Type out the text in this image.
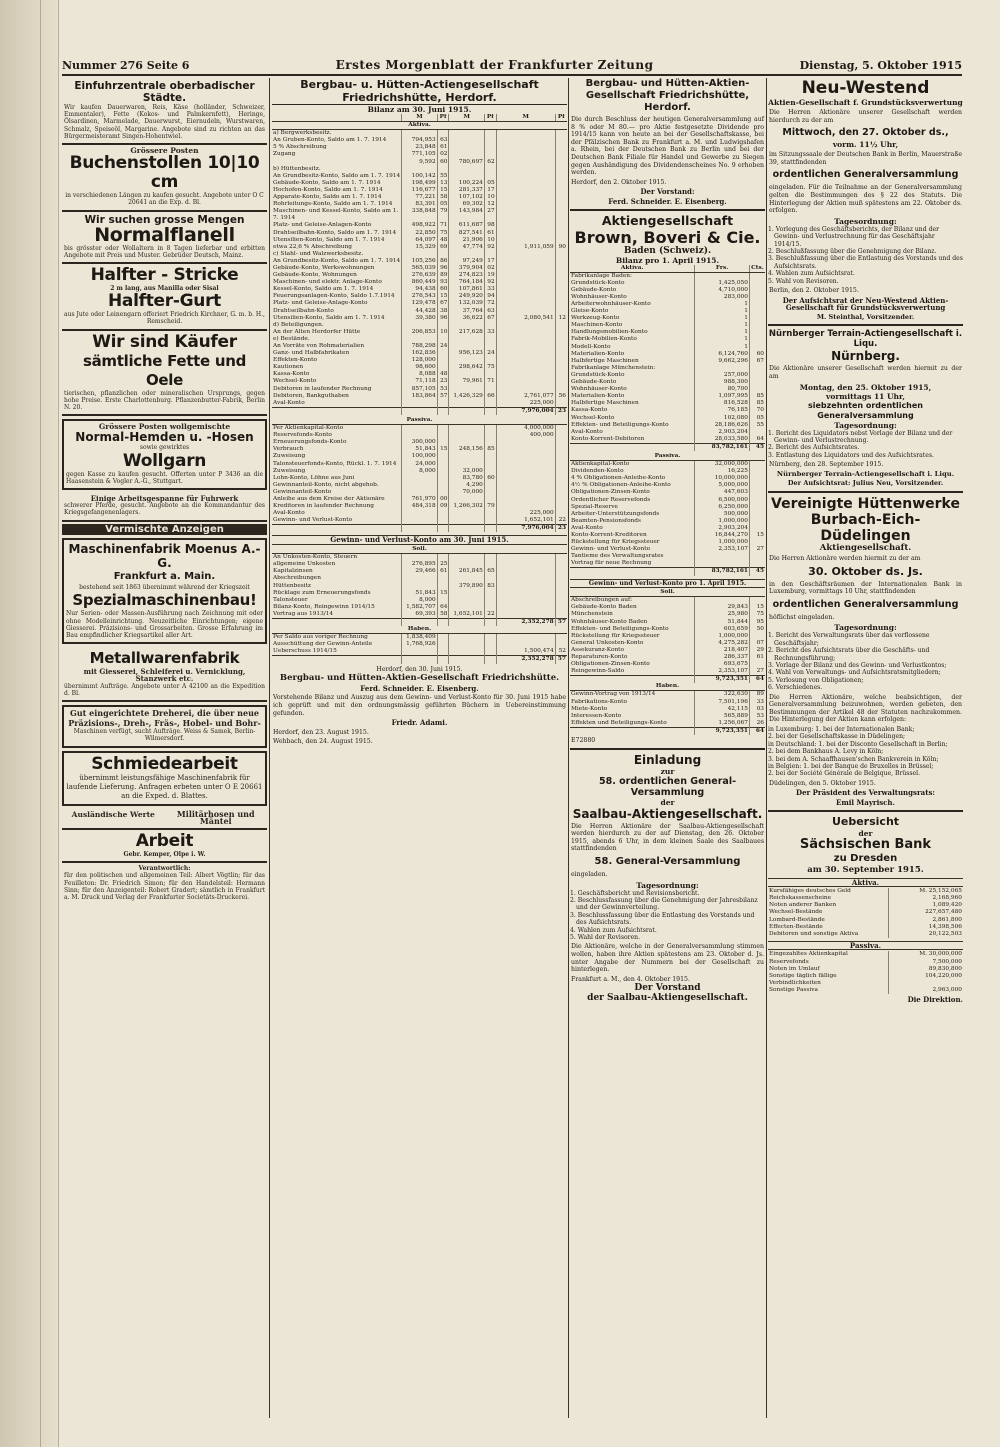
Nummer 276 Seite 6	Erstes Morgenblatt der Frankfurter Zeitung	Dienstag, 5. Oktober 1915
Einfuhrzentrale oberbadischer Städte.
Wir kaufen Dauerwaren, Reis, Käse (holländer, Schweizer, Emmentaler), Fette (Kokos- und Palmkernfett), Heringe, Ölsardinen, Marmelade, Dauerwurst, Eiernudeln, Wurstwaren, Schmalz, Speiseöl, Margarine. Angebote sind zu richten an das Bürgermeisteramt Singen-Hohentwiel.
Grössere Posten
Buchenstollen 10|10 cm
in verschiedenen Längen zu kaufen gesucht. Angebote unter O C 20641 an die Exp. d. Bl.
Wir suchen grosse Mengen
Normalflanell
bis grösster oder Wollaltern in 8 Tagen lieferbar und erbitten Angebote mit Preis und Muster. Gebrüder Deutsch, Mainz.
Halfter - Stricke
2 m lang, aus Manilla oder Sisal
Halfter-Gurt
aus Jute oder Leinengarn offeriert Friedrich Kirchner, G. m. b. H., Remscheid.
Wir sind Käufer
sämtliche Fette und Oele
tierischen, pflanzlichen oder mineralischen Ursprungs, gegen hohe Preise. Erste Charlottenburg. Pflanzenbutter-Fabrik, Berlin N. 20.
Grössere Posten wollgemischte
Normal-Hemden u. -Hosen
sowie gewirktes
Wollgarn
gegen Kasse zu kaufen gesucht. Offerten unter P 3436 an die Haasenstein & Vogler A.-G., Stuttgart.
Einige Arbeitsgespanne für Fuhrwerk
schwerer Pferde, gesucht. Angebote an die Kommandantur des Kriegsgefangenenlagers.
Vermischte Anzeigen
Maschinenfabrik Moenus A.-G.
Frankfurt a. Main.
bestehend seit 1863 übernimmt während der Kriegszeit
Spezialmaschinenbau!
Nur Serien- oder Massen-Ausführung nach Zeichnung mit oder ohne Modelleinrichtung. Neuzeitliche Einrichtungen; eigene Giesserei. Präzisions- und Grossarbeiten. Grosse Erfahrung im Bau empfindlicher Kriegsartikel aller Art.
Metallwarenfabrik
mit Giesserei, Schleiferei u. Vernicklung, Stanzwerk etc.
übernimmt Aufträge. Angebote unter A 42100 an die Expedition d. Bl.
Gut eingerichtete Dreherei, die über neue Präzisions-, Dreh-, Fräs-, Hobel- und Bohr-
Maschinen verfügt, sucht Aufträge. Weiss & Samek, Berlin-Wilmersdorf.
Schmiedearbeit
übernimmt leistungsfähige Maschinenfabrik für laufende Lieferung. Anfragen erbeten unter O E 20661 an die Exped. d. Blattes.
Ausländische Werte	Militärhosen und Mäntel
Arbeit
Gebr. Kemper, Olpe i. W.
Verantwortlich:
für den politischen und allgemeinen Teil: Albert Vögtlin; für das Feuilleton: Dr. Friedrich Simon; für den Handelsteil: Hermann Sinn; für den Anzeigenteil: Robert Gradert; sämtlich in Frankfurt a. M. Druck und Verlag der Frankfurter Societäts-Druckerei.
Bergbau- u. Hütten-Actiengesellschaft Friedrichshütte, Herdorf.
Bilanz am 30. Juni 1915.
	M	Pf	M	Pf	M	Pf
Aktiva.						
a) Bergwerksbesitz.						
An Gruben-Konto, Saldo am 1. 7. 1914	794,953	63				
5 % Abschreibung	23,848	61				
Zugang	771,105	02				
	9,592	60	780,697	62		
b) Hüttenbesitz.						
An Grundbesitz-Konto, Saldo am 1. 7. 1914	100,142	55				
Gebäude-Konto, Saldo am 1. 7. 1914	198,499	13	100,224	05		
Hochofen-Konto, Saldo am 1. 7. 1914	116,677	15	281,337	17		
Apparate-Konto, Saldo am 1. 7. 1914	77,221	58	107,102	10		
Rohrleitungs-Konto, Saldo am 1. 7. 1914	83,391	05	69,302	12		
Maschinen- und Kessel-Konto, Saldo am 1. 7. 1914	338,848	79	143,984	27		
Platz- und Geleise-Anlagen-Konto	498,922	71	611,687	98		
Drahtseilbahn-Konto, Saldo am 1. 7. 1914	22,850	75	827,541	61		
Utensilien-Konto, Saldo am 1. 7. 1914	64,097	48	21,906	10		
etwa 22,6 % Abschreibung	15,329	69	47,774	92	1,911,059	90
c) Stahl- und Walzwerksbesitz.						
An Grundbesitz-Konto, Saldo am 1. 7. 1914	105,256	86	97,249	17		
Gebäude-Konto, Werkswohnungen	565,039	96	379,904	02		
Gebäude-Konto, Wohnungen	276,639	89	274,823	19		
Maschinen- und elektr. Anlage-Konto	860,449	93	764,184	92		
Kessel-Konto, Saldo am 1. 7. 1914	94,438	60	107,861	33		
Feuerungsanlagen-Konto, Saldo 1.7.1914	276,543	15	249,920	94		
Platz- und Geleise-Anlage-Konto	129,478	67	132,039	72		
Drahtseilbahn-Konto	44,428	38	37,764	63		
Utensilien-Konto, Saldo am 1. 7. 1914	39,380	96	36,622	67	2,080,541	12
d) Beteiligungen.						
An der Alten Herdorfer Hütte	206,853	10	217,628	33		
e) Bestände.						
An Vorräte von Rohmaterialien	788,298	24				
Ganz- und Halbfabrikaten	162,836		956,123	24		
Effekten-Konto	128,000					
Kautionen	98,600		298,642	75		
Kassa-Konto	8,088	48				
Wechsel-Konto	71,118	23	79,961	71		
Debitoren in laufender Rechnung	857,105	53				
Debitoren, Bankguthaben	183,864	57	1,426,329	66	2,761,077	56
Aval-Konto					225,000	
					7,976,004	23
Passiva.						
Per Aktienkapital-Konto					4,000,000	
Reservefonds-Konto					400,000	
Erneuerungsfonds-Konto	300,000					
Verbrauch	51,843	15	248,156	85		
Zuweisung	100,000					
Talonsteuerfonds-Konto, Rückl. 1. 7. 1914	24,000					
Zuweisung	8,000		32,000			
Lohn-Konto, Löhne aus Juni			83,780	60		
Gewinnanteil-Konto, nicht abgehob.			4,290			
Gewinnanteil-Konto			70,000			
Anleihe aus dem Kreise der Aktionäre	761,970	00				
Kreditoren in laufender Rechnung	484,318	09	1,266,302	79		
Aval-Konto					225,000	
Gewinn- und Verlust-Konto					1,652,101	22
					7,976,004	23
Gewinn- und Verlust-Konto am 30. Juni 1915.
Soll.						
An Unkosten-Konto, Steuern						
allgemeine Unkosten	276,895	25				
Kapitalzinsen	29,466	61	261,845	65		
Abschreibungen						
Hüttenbesitz			379,890	83		
Rücklage zum Erneuerungsfonds	51,843	15				
Talonsteuer	8,000					
Bilanz-Konto, Reingewinn 1914/15	1,582,707	64				
Vortrag aus 1913/14	69,393	58	1,652,101	22		
					2,352,278	57
Haben.						
Per Saldo aus voriger Rechnung	1,838,409					
Ausschüttung der Gewinn-Anteile	1,768,926					
Ueberschuss 1914/15					1,500,474	52
					2,352,278	57
Herdorf, den 30. Juni 1915.
Bergbau- und Hütten-Aktien-Gesellschaft Friedrichshütte.
Ferd. Schneider. E. Eisenberg.
Vorstehende Bilanz und Auszug aus dem Gewinn- und Verlust-Konto für 30. Juni 1915 habe ich geprüft und mit den ordnungsmässig geführten Büchern in Uebereinstimmung gefunden.
Friedr. Adami.
Herdorf, den 23. August 1915.
Wehbach, den 24. August 1915.
Bergbau- und Hütten-Aktien-Gesellschaft Friedrichshütte, Herdorf.
Die durch Beschluss der heutigen Generalversammlung auf 8 % oder M 80.— pro Aktie festgesetzte Dividende pro 1914/15 kann von heute an bei der Gesellschaftskasse, bei der Pfälzischen Bank zu Frankfurt a. M. und Ludwigshafen a. Rhein, bei der Deutschen Bank zu Berlin und bei der Deutschen Bank Filiale für Handel und Gewerbe zu Siegen gegen Aushändigung des Dividendenscheines No. 9 erhoben werden.
Herdorf, den 2. Oktober 1915.
Der Vorstand:
Ferd. Schneider. E. Eisenberg.
Aktiengesellschaft
Brown, Boveri & Cie.
Baden (Schweiz).
Bilanz pro 1. April 1915.
Aktiva.	Frs.	Cts.
Fabrikanlage Baden:		
Grundstück-Konto	1,425,050	
Gebäude-Konto	4,710,000	
Wohnhäuser-Konto	283,000	
Arbeiterwohnhäuser-Konto	1	
Gleise-Konto	1	
Werkzeug-Konto	1	
Maschinen-Konto	1	
Handlungsmobilien-Konto	1	
Fabrik-Mobilien-Konto	1	
Modell-Konto	1	
Materialien-Konto	6,124,760	60
Halbfertige Maschinen	9,662,296	67
Fabrikanlage Münchenstein:		
Grundstück-Konto	257,000	
Gebäude-Konto	988,300	
Wohnhäuser-Konto	80,700	
Materialien-Konto	1,097,995	85
Halbfertige Maschinen	816,528	85
Kassa-Konto	76,185	70
Wechsel-Konto	102,080	05
Effekten- und Beteiligungs-Konto	28,186,626	55
Aval-Konto	2,903,204	
Konto-Korrent-Debitoren	28,033,580	64
	83,782,161	45
Passiva.		
Aktienkapital-Konto	32,000,000	
Dividenden-Konto	16,225	
4 % Obligationen-Anleihe-Konto	10,000,000	
4½ % Obligationen-Anleihe-Konto	5,000,000	
Obligationen-Zinsen-Konto	447,603	
Ordentlicher Reservefonds	6,500,000	
Spezial-Reserve	6,250,000	
Arbeiter-Unterstützungsfonds	500,000	
Beamten-Pensionsfonds	1,000,000	
Aval-Konto	2,903,204	
Konto-Korrent-Kreditoren	16,844,270	15
Rückstellung für Kriegssteuer	1,000,000	
Gewinn- und Verlust-Konto	2,353,107	27
Tantieme des Verwaltungsrates		
Vortrag für neue Rechnung		
	83,782,161	45
Gewinn- und Verlust-Konto pro 1. April 1915.
Soll.		
Abschreibungen auf:		
Gebäude-Konto Baden	29,843	15
Münchenstein	25,980	75
Wohnhäuser-Konto Baden	51,844	95
Effekten- und Beteiligungs-Konto	603,659	50
Rückstellung für Kriegssteuer	1,000,000	
General Unkosten-Konto	4,275,282	07
Assekuranz-Konto	218,407	29
Reparaturen-Konto	286,337	61
Obligationen-Zinsen-Konto	693,675	
Reingewinn-Saldo	2,353,107	27
	9,723,351	64
Haben.		
Gewinn-Vortrag von 1913/14	322,630	89
Fabrikations-Konto	7,501,196	33
Miete-Konto	42,115	03
Interessen-Konto	565,889	53
Effekten und Beteiligungs-Konto	1,256,067	26
	9,723,351	64
E72880
Einladung
zur
58. ordentlichen General-Versammlung
der
Saalbau-Aktiengesellschaft.
Die Herren Aktionäre der Saalbau-Aktiengesellschaft werden hierdurch zu der auf Dienstag, den 26. Oktober 1915, abends 6 Uhr, in dem kleinen Saale des Saalbaues stattfindenden
58. General-Versammlung
eingeladen.
Tagesordnung:
1. Geschäftsbericht und Revisionsbericht.
2. Beschlussfassung über die Genehmigung der Jahresbilanz und der Gewinnverteilung.
3. Beschlussfassung über die Entlastung des Vorstands und des Aufsichtsrats.
4. Wahlen zum Aufsichtsrat.
5. Wahl der Revisoren.
Die Aktionäre, welche in der Generalversammlung stimmen wollen, haben ihre Aktien spätestens am 23. Oktober d. Js. unter Angabe der Nummern bei der Gesellschaft zu hinterlegen.
Frankfurt a. M., den 4. Oktober 1915.
Der Vorstand
der Saalbau-Aktiengesellschaft.
Neu-Westend
Aktien-Gesellschaft f. Grundstücksverwertung
Die Herren Aktionäre unserer Gesellschaft werden hierdurch zu der am
Mittwoch, den 27. Oktober ds.,
vorm. 11½ Uhr,
im Sitzungssaale der Deutschen Bank in Berlin, Mauerstraße 39, stattfindenden
ordentlichen Generalversammlung
eingeladen. Für die Teilnahme an der Generalversammlung gelten die Bestimmungen des § 22 des Statuts. Die Hinterlegung der Aktien muß spätestens am 22. Oktober ds. erfolgen.
Tagesordnung:
1. Vorlegung des Geschäftsberichts, der Bilanz und der Gewinn- und Verlustrechnung für das Geschäftsjahr 1914/15.
2. Beschlußfassung über die Genehmigung der Bilanz.
3. Beschlußfassung über die Entlastung des Vorstands und des Aufsichtsrats.
4. Wahlen zum Aufsichtsrat.
5. Wahl von Revisoren.
Berlin, den 2. Oktober 1915.
Der Aufsichtsrat der Neu-Westend Aktien-Gesellschaft für Grundstücksverwertung
M. Steinthal, Vorsitzender.
Nürnberger Terrain-Actiengesellschaft i. Liqu.
Nürnberg.
Die Aktionäre unserer Gesellschaft werden hiermit zu der am
Montag, den 25. Oktober 1915,
vormittags 11 Uhr,
siebzehnten ordentlichen Generalversammlung
Tagesordnung:
1. Bericht des Liquidators nebst Vorlage der Bilanz und der Gewinn- und Verlustrechnung.
2. Bericht des Aufsichtsrates.
3. Entlastung des Liquidators und des Aufsichtsrates.
Nürnberg, den 28. September 1915.
Nürnberger Terrain-Actiengesellschaft i. Liqu.
Der Aufsichtsrat: Julius Neu, Vorsitzender.
Vereinigte Hüttenwerke
Burbach-Eich-Düdelingen
Aktiengesellschaft.
Die Herren Aktionäre werden hiermit zu der am
30. Oktober ds. Js.
in den Geschäftsräumen der Internationalen Bank in Luxemburg, vormittags 10 Uhr, stattfindenden
ordentlichen Generalversammlung
höflichst eingeladen.
Tagesordnung:
1. Bericht des Verwaltungsrats über das verflossene Geschäftsjahr;
2. Bericht des Aufsichtsrats über die Geschäfts- und Rechnungsführung;
3. Vorlage der Bilanz und des Gewinn- und Verlustkontos;
4. Wahl von Verwaltungs- und Aufsichtsratsmitgliedern;
5. Verlosung von Obligationen;
6. Verschiedenes.
Die Herren Aktionäre, welche beabsichtigen, der Generalversammlung beizuwohnen, werden gebeten, den Bestimmungen der Artikel 48 der Statuten nachzukommen. Die Hinterlegung der Aktien kann erfolgen:
in Luxemburg: 1. bei der Internationalen Bank;
2. bei der Gesellschaftskasse in Düdelingen;
in Deutschland: 1. bei der Disconto Gesellschaft in Berlin;
2. bei dem Bankhaus A. Levy in Köln;
3. bei dem A. Schaaffhausen'schen Bankverein in Köln;
in Belgien: 1. bei der Banque de Bruxelles in Brüssel;
2. bei der Société Générale de Belgique, Brüssel.
Düdelingen, den 5. Oktober 1915.
Der Präsident des Verwaltungsrats:
Emil Mayrisch.
Uebersicht
der
Sächsischen Bank
zu Dresden
am 30. September 1915.
Aktiva.
Kursfähiges deutsches Geld	M. 25,152,065
Reichskassenscheine	2,168,960
Noten anderer Banken	1,089,420
Wechsel-Bestände	227,657,480
Lombard-Bestände	2,861,800
Effecten-Bestände	14,398,506
Debitoren und sonstige Aktiva	20,122,503
Passiva.
Eingezahltes Aktienkapital	M. 30,000,000
Reservefonds	7,500,000
Noten im Umlauf	89,830,800
Sonstige täglich fällige Verbindlichkeiten	104,220,000
Sonstige Passiva	2,963,000
Die Direktion.
